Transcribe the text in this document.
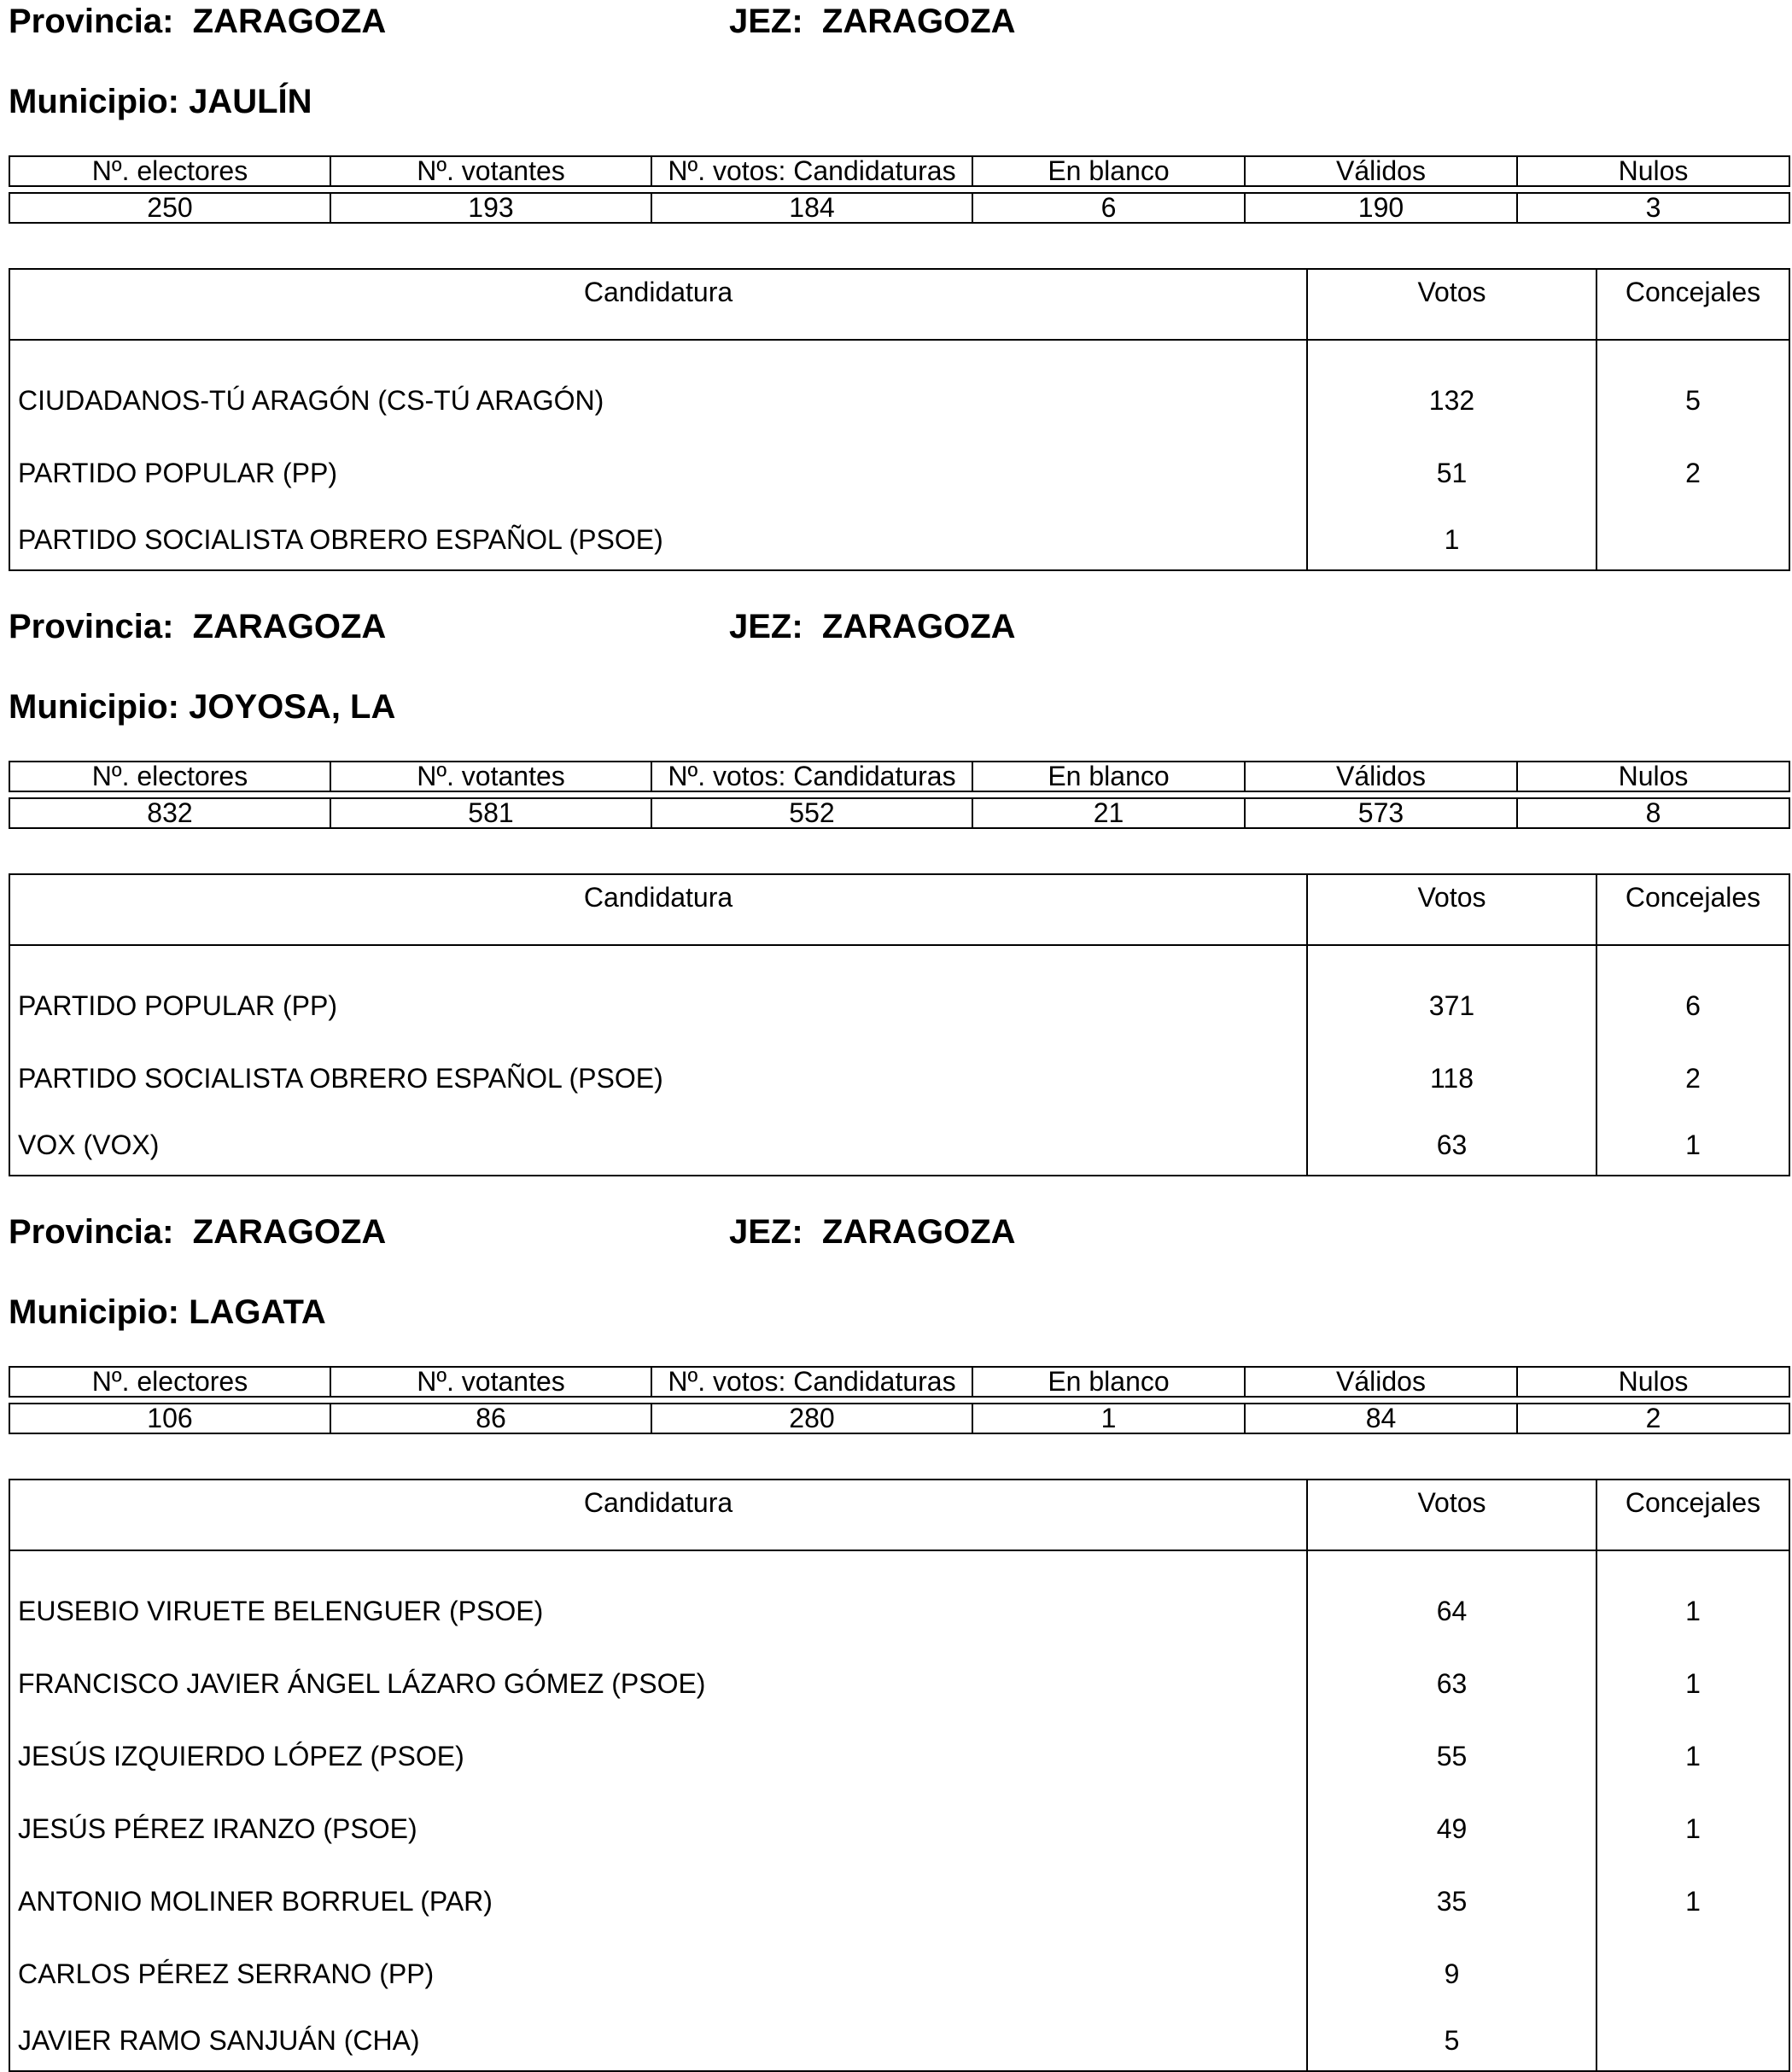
Provincia: ZARAGOZA	JEZ: ZARAGOZA
Municipio: JAULÍN
Nº. electores	Nº. votantes	Nº. votos: Candidaturas	En blanco	Válidos	Nulos

250	193	184	6	190	3
Candidatura	Votos	Concejales

CIUDADANOS-TÚ ARAGÓN (CS-TÚ ARAGÓN)	132	5
PARTIDO POPULAR (PP)	51	2
PARTIDO SOCIALISTA OBRERO ESPAÑOL (PSOE)	1	
Provincia: ZARAGOZA	JEZ: ZARAGOZA
Municipio: JOYOSA, LA
Nº. electores	Nº. votantes	Nº. votos: Candidaturas	En blanco	Válidos	Nulos

832	581	552	21	573	8
Candidatura	Votos	Concejales

PARTIDO POPULAR (PP)	371	6
PARTIDO SOCIALISTA OBRERO ESPAÑOL (PSOE)	118	2
VOX (VOX)	63	1
Provincia: ZARAGOZA	JEZ: ZARAGOZA
Municipio: LAGATA
Nº. electores	Nº. votantes	Nº. votos: Candidaturas	En blanco	Válidos	Nulos

106	86	280	1	84	2
Candidatura	Votos	Concejales

EUSEBIO VIRUETE BELENGUER (PSOE)	64	1
FRANCISCO JAVIER ÁNGEL LÁZARO GÓMEZ (PSOE)	63	1
JESÚS IZQUIERDO LÓPEZ (PSOE)	55	1
JESÚS PÉREZ IRANZO (PSOE)	49	1
ANTONIO MOLINER BORRUEL (PAR)	35	1
CARLOS PÉREZ SERRANO (PP)	9	
JAVIER RAMO SANJUÁN (CHA)	5	
